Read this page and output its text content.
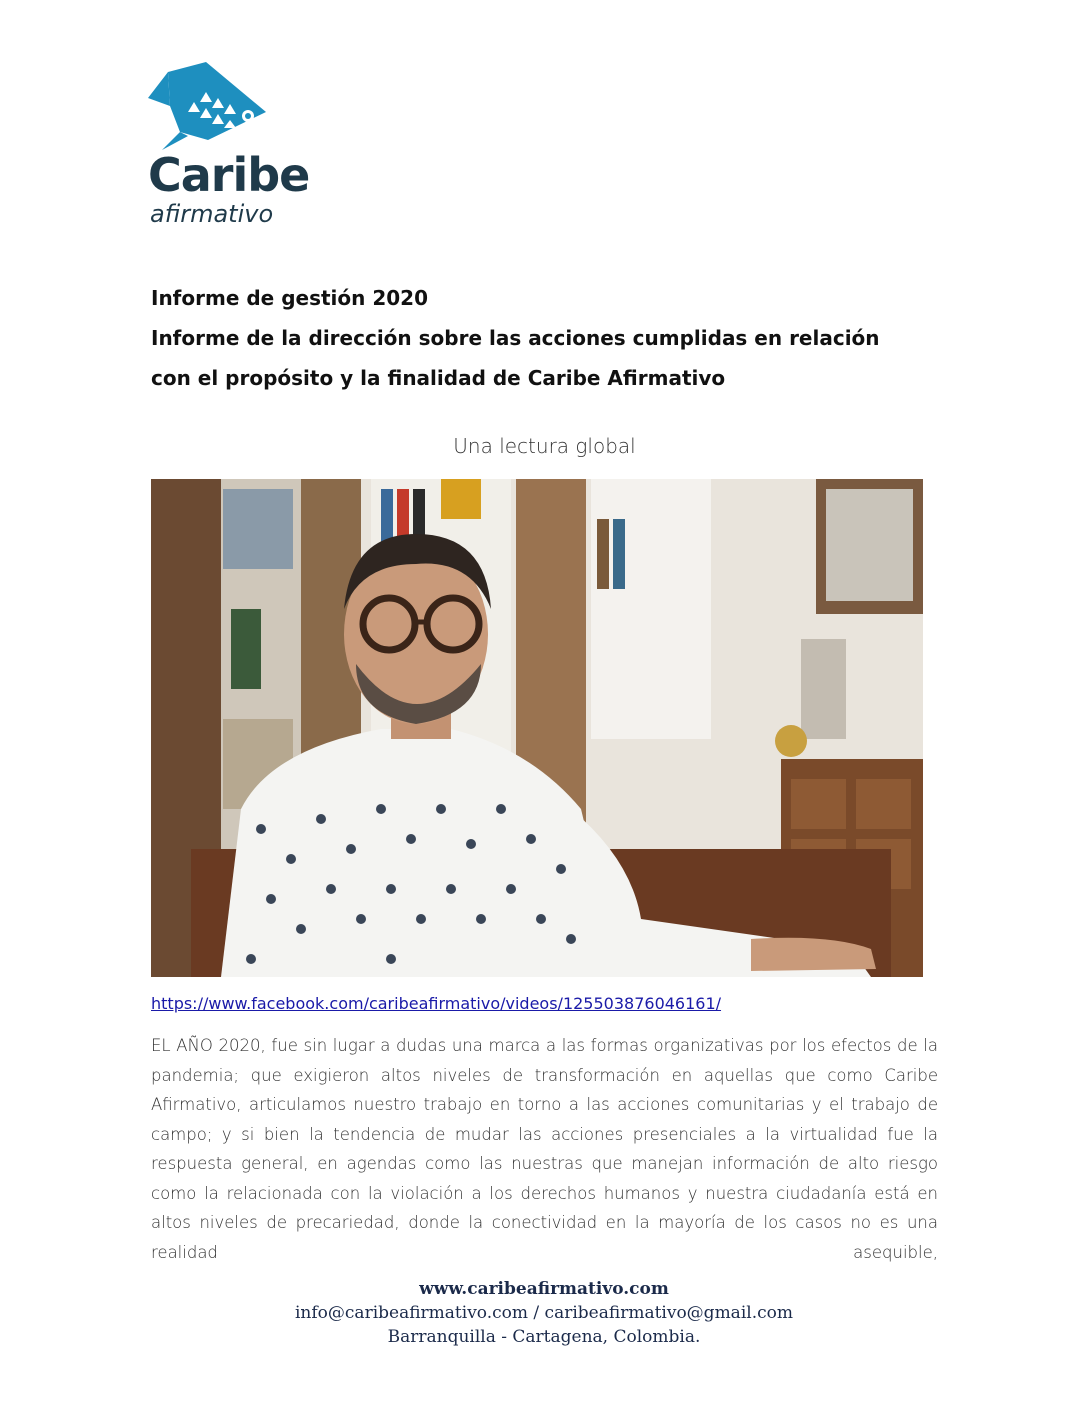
Caribe
afirmativo
Informe de gestión 2020
Informe de la dirección sobre las acciones cumplidas en relación
con el propósito y la finalidad de Caribe Afirmativo
Una lectura global
https://www.facebook.com/caribeafirmativo/videos/125503876046161/
EL AÑO 2020, fue sin lugar a dudas una marca a las formas organizativas por los efectos de la pandemia; que exigieron altos niveles de transformación en aquellas que como Caribe Afirmativo, articulamos nuestro trabajo en torno a las acciones comunitarias y el trabajo de campo; y si bien la tendencia de mudar las acciones presenciales a la virtualidad fue la respuesta general, en agendas como las nuestras que manejan información de alto riesgo como la relacionada con la violación a los derechos humanos y nuestra ciudadanía está en altos niveles de precariedad, donde la conectividad en la mayoría de los casos no es una realidad asequible,
www.caribeafirmativo.com
info@caribeafirmativo.com / caribeafirmativo@gmail.com
Barranquilla - Cartagena, Colombia.
